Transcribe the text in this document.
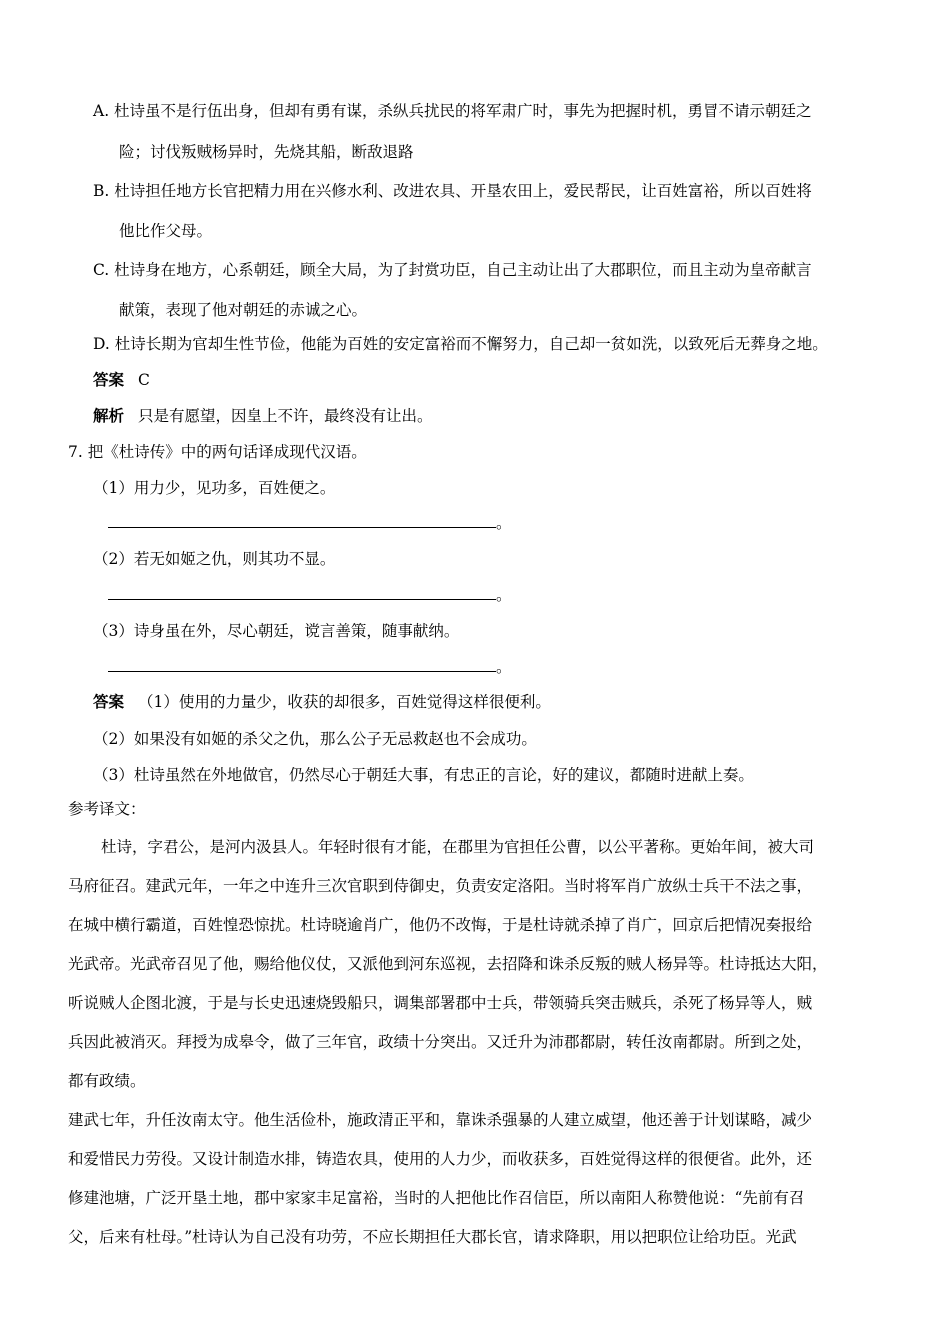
A. 杜诗虽不是行伍出身，但却有勇有谋，杀纵兵扰民的将军肃广时，事先为把握时机，勇冒不请示朝廷之
险；讨伐叛贼杨异时，先烧其船，断敌退路
B. 杜诗担任地方长官把精力用在兴修水利、改进农具、开垦农田上，爱民帮民，让百姓富裕，所以百姓将
他比作父母。
C. 杜诗身在地方，心系朝廷，顾全大局，为了封赏功臣，自己主动让出了大郡职位，而且主动为皇帝献言
献策，表现了他对朝廷的赤诚之心。
D. 杜诗长期为官却生性节俭，他能为百姓的安定富裕而不懈努力，自己却一贫如洗，以致死后无葬身之地。
答案 C
解析 只是有愿望，因皇上不许，最终没有让出。
7. 把《杜诗传》中的两句话译成现代汉语。
（1）用力少，见功多，百姓便之。
。
（2）若无如姬之仇，则其功不显。
。
（3）诗身虽在外，尽心朝廷，谠言善策，随事献纳。
。
答案 （1）使用的力量少，收获的却很多，百姓觉得这样很便利。
（2）如果没有如姬的杀父之仇，那么公子无忌救赵也不会成功。
（3）杜诗虽然在外地做官，仍然尽心于朝廷大事，有忠正的言论，好的建议，都随时进献上奏。
参考译文：
杜诗，字君公，是河内汲县人。年轻时很有才能，在郡里为官担任公曹，以公平著称。更始年间，被大司
马府征召。建武元年，一年之中连升三次官职到侍御史，负责安定洛阳。当时将军肖广放纵士兵干不法之事，
在城中横行霸道，百姓惶恐惊扰。杜诗晓逾肖广，他仍不改悔，于是杜诗就杀掉了肖广，回京后把情况奏报给
光武帝。光武帝召见了他，赐给他仪仗，又派他到河东巡视，去招降和诛杀反叛的贼人杨异等。杜诗抵达大阳，
听说贼人企图北渡，于是与长史迅速烧毁船只，调集部署郡中士兵，带领骑兵突击贼兵，杀死了杨异等人，贼
兵因此被消灭。拜授为成皋令，做了三年官，政绩十分突出。又迁升为沛郡都尉，转任汝南都尉。所到之处，
都有政绩。
建武七年，升任汝南太守。他生活俭朴，施政清正平和，靠诛杀强暴的人建立威望，他还善于计划谋略，减少
和爱惜民力劳役。又设计制造水排，铸造农具，使用的人力少，而收获多，百姓觉得这样的很便省。此外，还
修建池塘，广泛开垦土地，郡中家家丰足富裕，当时的人把他比作召信臣，所以南阳人称赞他说：“先前有召
父，后来有杜母。”杜诗认为自己没有功劳，不应长期担任大郡长官，请求降职，用以把职位让给功臣。光武
